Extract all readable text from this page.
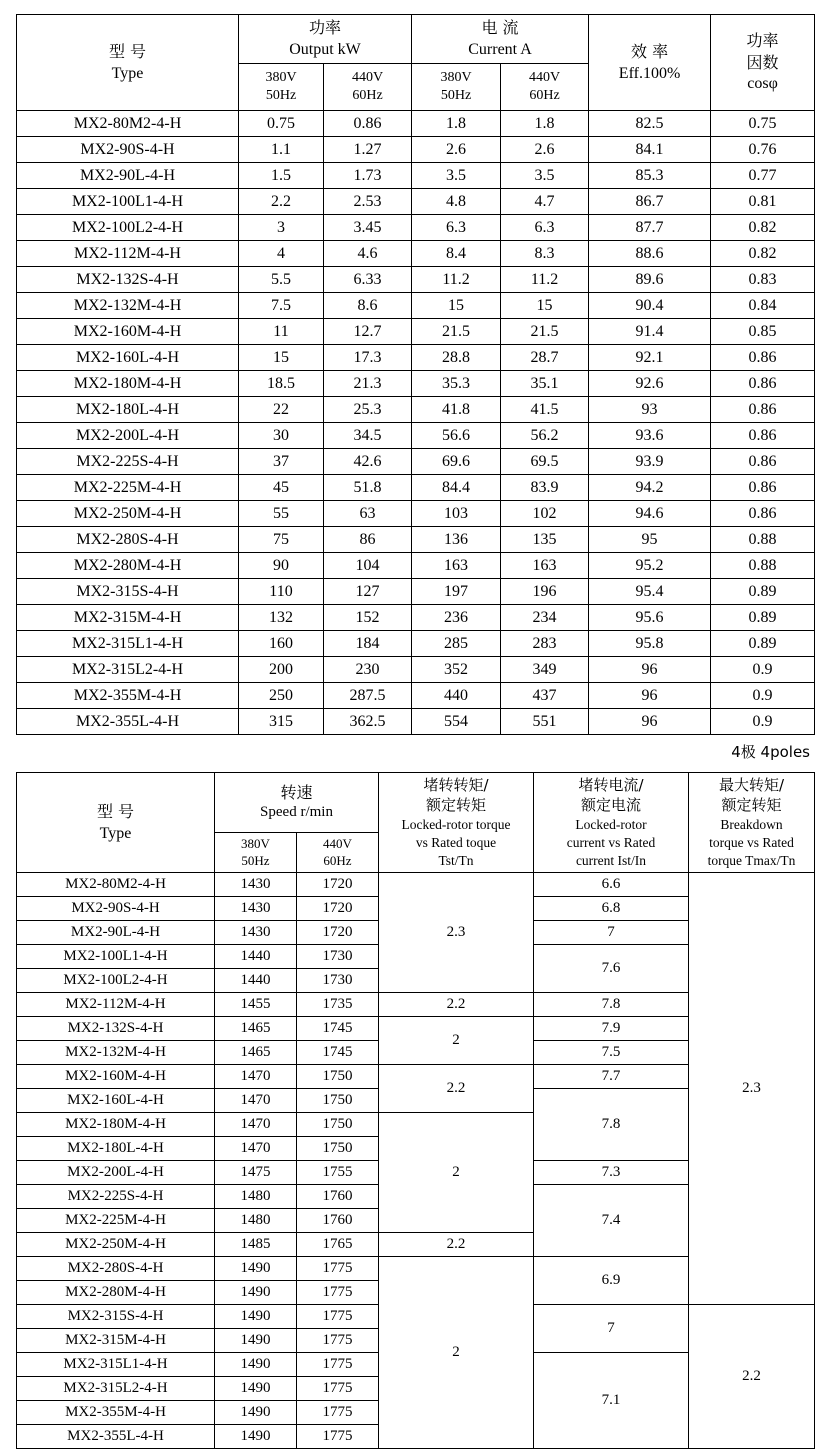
型 号
Type	功率
Output kW		电 流
Current A		效 率
Eff.100%	功率
因数
cosφ

	380V
50Hz	440V
60Hz	380V
50Hz	440V
60Hz		

MX2-80M2-4-H	0.75	0.86	1.8	1.8	82.5	0.75
MX2-90S-4-H	1.1	1.27	2.6	2.6	84.1	0.76
MX2-90L-4-H	1.5	1.73	3.5	3.5	85.3	0.77
MX2-100L1-4-H	2.2	2.53	4.8	4.7	86.7	0.81
MX2-100L2-4-H	3	3.45	6.3	6.3	87.7	0.82
MX2-112M-4-H	4	4.6	8.4	8.3	88.6	0.82
MX2-132S-4-H	5.5	6.33	11.2	11.2	89.6	0.83
MX2-132M-4-H	7.5	8.6	15	15	90.4	0.84
MX2-160M-4-H	11	12.7	21.5	21.5	91.4	0.85
MX2-160L-4-H	15	17.3	28.8	28.7	92.1	0.86
MX2-180M-4-H	18.5	21.3	35.3	35.1	92.6	0.86
MX2-180L-4-H	22	25.3	41.8	41.5	93	0.86
MX2-200L-4-H	30	34.5	56.6	56.2	93.6	0.86
MX2-225S-4-H	37	42.6	69.6	69.5	93.9	0.86
MX2-225M-4-H	45	51.8	84.4	83.9	94.2	0.86
MX2-250M-4-H	55	63	103	102	94.6	0.86
MX2-280S-4-H	75	86	136	135	95	0.88
MX2-280M-4-H	90	104	163	163	95.2	0.88
MX2-315S-4-H	110	127	197	196	95.4	0.89
MX2-315M-4-H	132	152	236	234	95.6	0.89
MX2-315L1-4-H	160	184	285	283	95.8	0.89
MX2-315L2-4-H	200	230	352	349	96	0.9
MX2-355M-4-H	250	287.5	440	437	96	0.9
MX2-355L-4-H	315	362.5	554	551	96	0.9
4极 4poles
型 号
Type	转速
Speed r/min		堵转转矩/
额定转矩
Locked-rotor torque
vs Rated toque
Tst/Tn	堵转电流/
额定电流
Locked-rotor
current vs Rated
current Ist/In	最大转矩/
额定转矩
Breakdown
torque vs Rated
torque Tmax/Tn

	380V
50Hz	440V
60Hz			

MX2-80M2-4-H	1430	1720	2.3	6.6	2.3
MX2-90S-4-H	1430	1720		6.8	
MX2-90L-4-H	1430	1720		7	
MX2-100L1-4-H	1440	1730		7.6	
MX2-100L2-4-H	1440	1730			
MX2-112M-4-H	1455	1735	2.2	7.8	
MX2-132S-4-H	1465	1745	2	7.9	
MX2-132M-4-H	1465	1745		7.5	
MX2-160M-4-H	1470	1750	2.2	7.7	
MX2-160L-4-H	1470	1750		7.8	
MX2-180M-4-H	1470	1750	2		
MX2-180L-4-H	1470	1750			
MX2-200L-4-H	1475	1755		7.3	
MX2-225S-4-H	1480	1760		7.4	
MX2-225M-4-H	1480	1760			
MX2-250M-4-H	1485	1765	2.2		
MX2-280S-4-H	1490	1775	2	6.9	
MX2-280M-4-H	1490	1775			
MX2-315S-4-H	1490	1775		7	2.2
MX2-315M-4-H	1490	1775			
MX2-315L1-4-H	1490	1775		7.1	
MX2-315L2-4-H	1490	1775			
MX2-355M-4-H	1490	1775			
MX2-355L-4-H	1490	1775			
